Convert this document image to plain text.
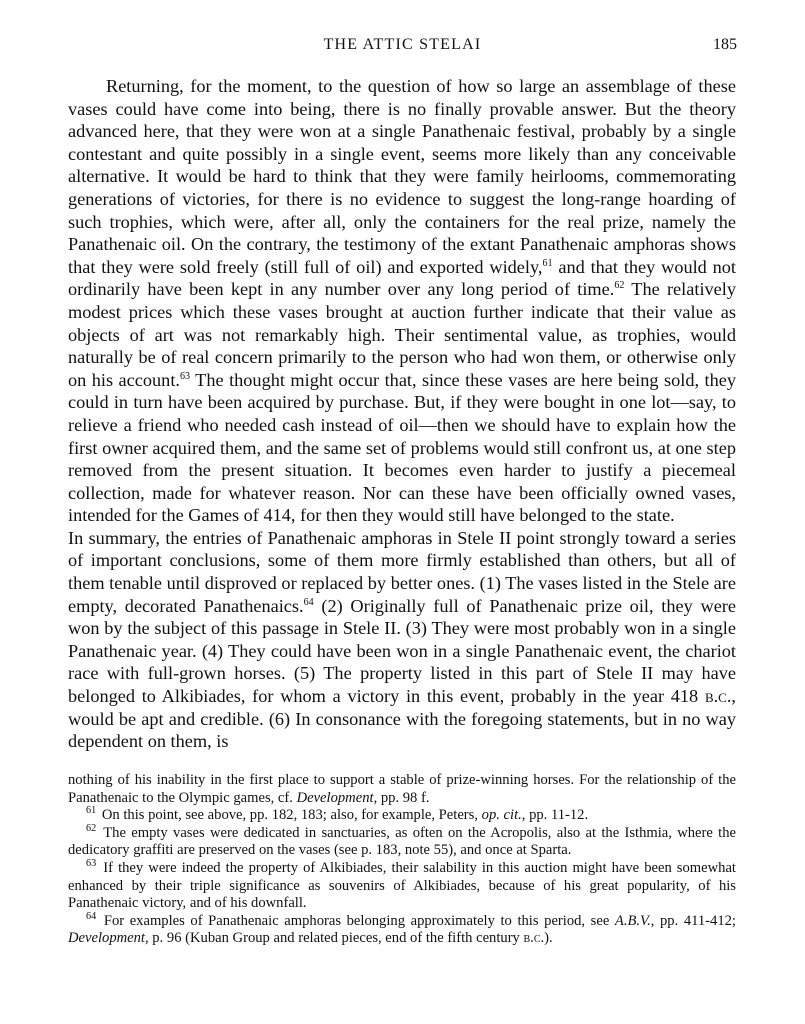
THE ATTIC STELAI	185

Returning, for the moment, to the question of how so large an assemblage of these vases could have come into being, there is no finally provable answer. But the theory advanced here, that they were won at a single Panathenaic festival, probably by a single contestant and quite possibly in a single event, seems more likely than any conceivable alternative. It would be hard to think that they were family heirlooms, commemorating generations of victories, for there is no evidence to suggest the long-range hoarding of such trophies, which were, after all, only the containers for the real prize, namely the Panathenaic oil. On the contrary, the testimony of the extant Panathenaic amphoras shows that they were sold freely (still full of oil) and exported widely,$^{61}$ and that they would not ordinarily have been kept in any number over any long period of time.$^{62}$ The relatively modest prices which these vases brought at auction further indicate that their value as objects of art was not remarkably high. Their sentimental value, as trophies, would naturally be of real concern primarily to the person who had won them, or otherwise only on his account.$^{63}$ The thought might occur that, since these vases are here being sold, they could in turn have been acquired by purchase. But, if they were bought in one lot—say, to relieve a friend who needed cash instead of oil—then we should have to explain how the first owner acquired them, and the same set of problems would still confront us, at one step removed from the present situation. It becomes even harder to justify a piecemeal collection, made for whatever reason. Nor can these have been officially owned vases, intended for the Games of 414, for then they would still have belonged to the state.

In summary, the entries of Panathenaic amphoras in Stele II point strongly toward a series of important conclusions, some of them more firmly established than others, but all of them tenable until disproved or replaced by better ones. (1) The vases listed in the Stele are empty, decorated Panathenaics.$^{64}$ (2) Originally full of Panathenaic prize oil, they were won by the subject of this passage in Stele II. (3) They were most probably won in a single Panathenaic year. (4) They could have been won in a single Panathenaic event, the chariot race with full-grown horses. (5) The property listed in this part of Stele II may have belonged to Alkibiades, for whom a victory in this event, probably in the year 418 b.c., would be apt and credible. (6) In consonance with the foregoing statements, but in no way dependent on them, is

nothing of his inability in the first place to support a stable of prize-winning horses. For the relationship of the Panathenaic to the Olympic games, cf. Development, pp. 98 f.

$^{61}$ On this point, see above, pp. 182, 183; also, for example, Peters, op. cit., pp. 11-12.

$^{62}$ The empty vases were dedicated in sanctuaries, as often on the Acropolis, also at the Isthmia, where the dedicatory graffiti are preserved on the vases (see p. 183, note 55), and once at Sparta.

$^{63}$ If they were indeed the property of Alkibiades, their salability in this auction might have been somewhat enhanced by their triple significance as souvenirs of Alkibiades, because of his great popularity, of his Panathenaic victory, and of his downfall.

$^{64}$ For examples of Panathenaic amphoras belonging approximately to this period, see A.B.V., pp. 411-412; Development, p. 96 (Kuban Group and related pieces, end of the fifth century b.c.).
